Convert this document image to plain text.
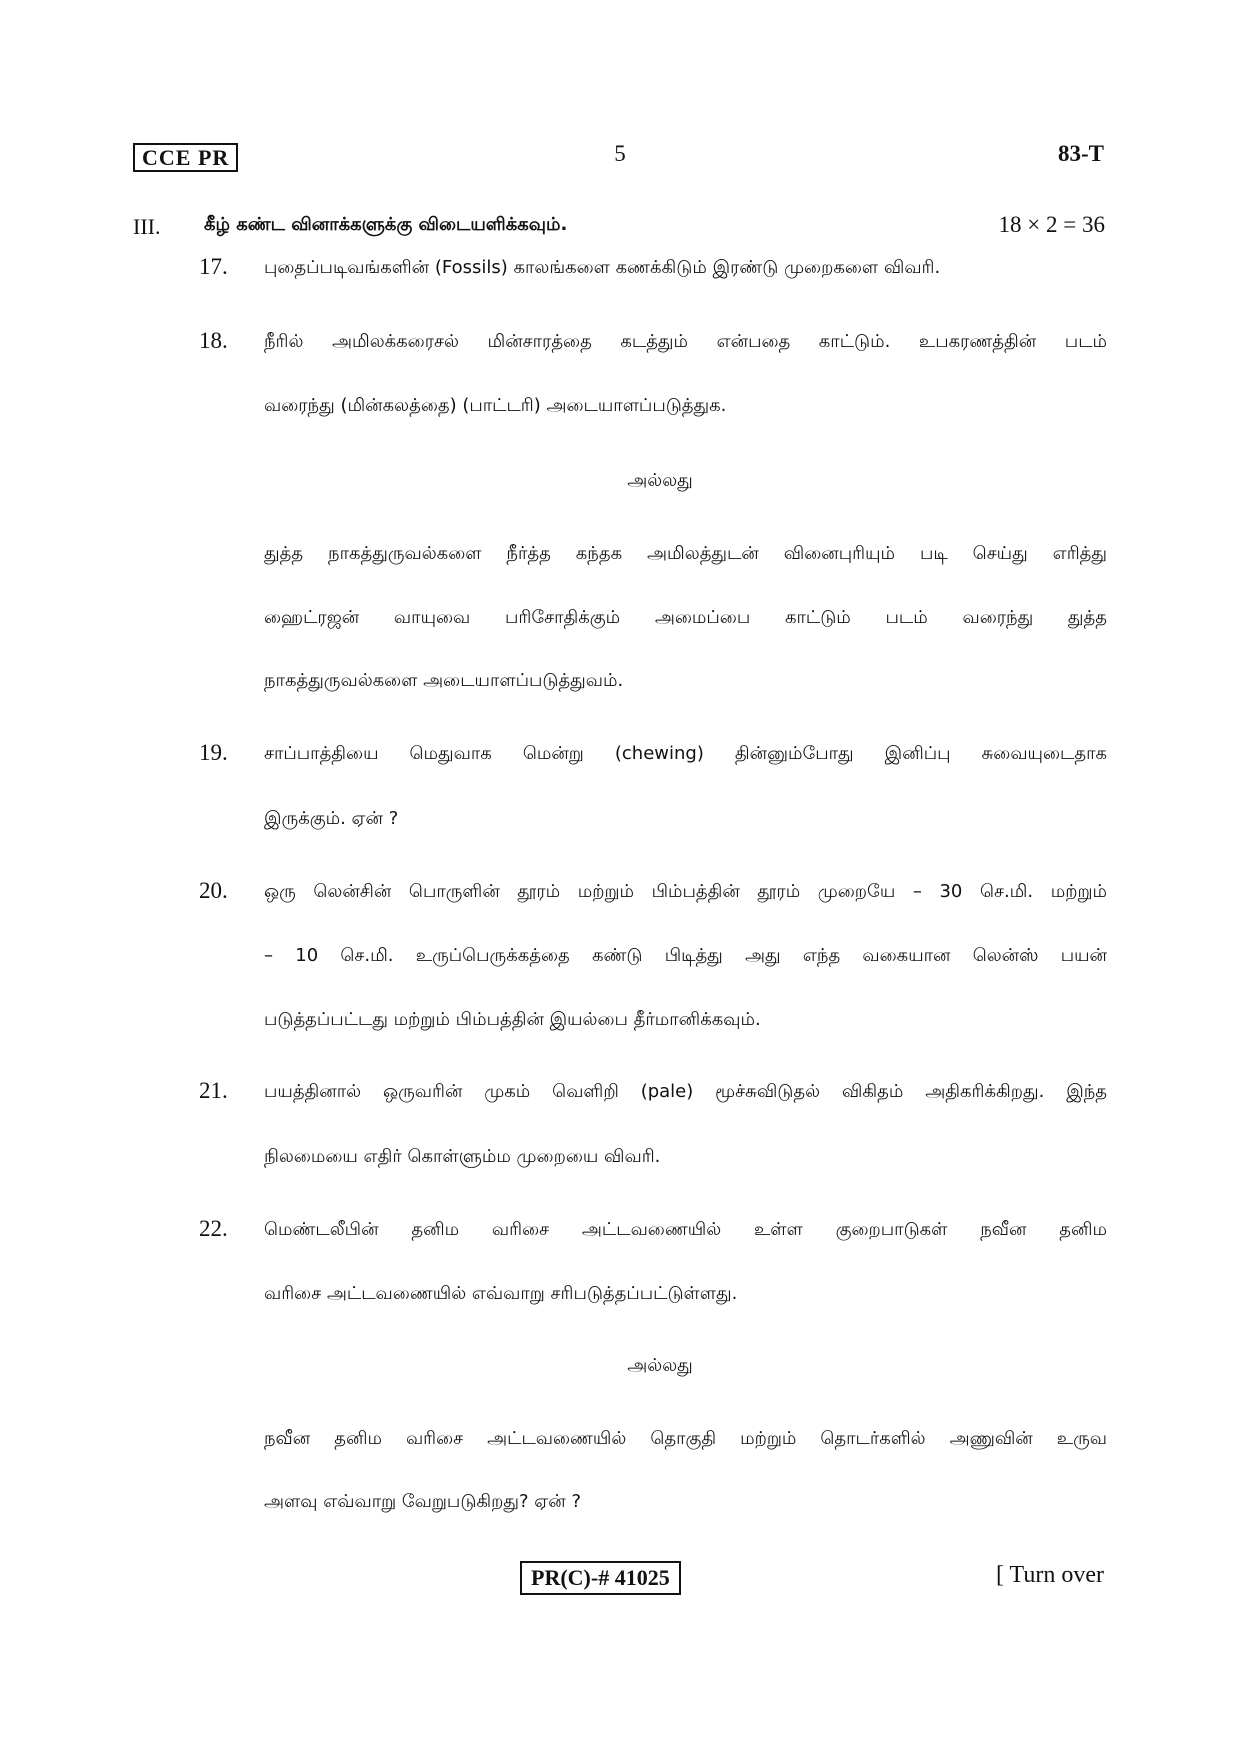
CCE PR	5	83-T
III. கீழ் கண்ட வினாக்களுக்கு விடையளிக்கவும்.	18 × 2 = 36
17. புதைப்படிவங்களின் (Fossils) காலங்களை கணக்கிடும் இரண்டு முறைகளை விவரி.
18. நீரில் அமிலக்கரைசல் மின்சாரத்தை கடத்தும் என்பதை காட்டும். உபகரணத்தின் படம்
வரைந்து (மின்கலத்தை) (பாட்டரி) அடையாளப்படுத்துக.
அல்லது
துத்த நாகத்துருவல்களை நீர்த்த கந்தக அமிலத்துடன் வினைபுரியும் படி செய்து எரித்து
ஹைட்ரஜன் வாயுவை பரிசோதிக்கும் அமைப்பை காட்டும் படம் வரைந்து துத்த
நாகத்துருவல்களை அடையாளப்படுத்துவம்.
19. சாப்பாத்தியை மெதுவாக மென்று (chewing) தின்னும்போது இனிப்பு சுவையுடைதாக
இருக்கும். ஏன் ?
20. ஒரு லென்சின் பொருளின் தூரம் மற்றும் பிம்பத்தின் தூரம் முறையே – 30 செ.மி. மற்றும்
– 10 செ.மி. உருப்பெருக்கத்தை கண்டு பிடித்து அது எந்த வகையான லென்ஸ் பயன்
படுத்தப்பட்டது மற்றும் பிம்பத்தின் இயல்பை தீர்மானிக்கவும்.
21. பயத்தினால் ஒருவரின் முகம் வெளிறி (pale) மூச்சுவிடுதல் விகிதம் அதிகரிக்கிறது. இந்த
நிலமையை எதிர் கொள்ளும்ம முறையை விவரி.
22. மெண்டலீபின் தனிம வரிசை அட்டவணையில் உள்ள குறைபாடுகள் நவீன தனிம
வரிசை அட்டவணையில் எவ்வாறு சரிபடுத்தப்பட்டுள்ளது.
அல்லது
நவீன தனிம வரிசை அட்டவணையில் தொகுதி மற்றும் தொடர்களில் அணுவின் உருவ
அளவு எவ்வாறு வேறுபடுகிறது? ஏன் ?
PR(C)-# 41025	[ Turn over
